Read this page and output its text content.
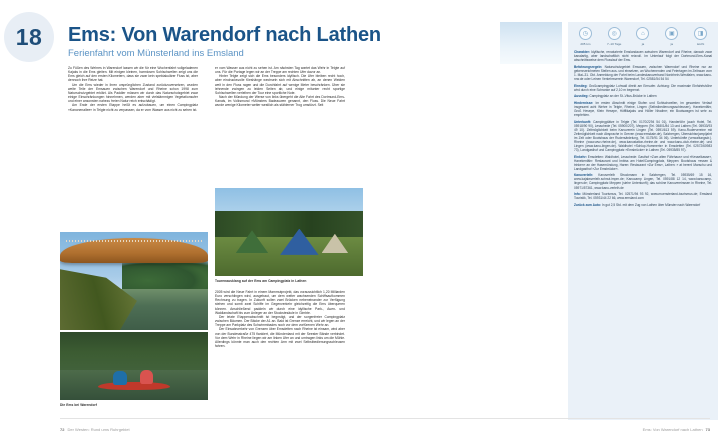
18 Ems: Von Warendorf nach Lathen
Ferienfahrt vom Münsterland ins Emsland

Zu Füßen des Wehres in Warendorf lassen wir die für eine Wochenfahrt vollgeladenen Kajaks in die Ems gleiten. Mit einigen kleinen, harmlosen Sohlschwellen zeigt uns die Ems gleich auf den ersten Kilometern, dass sie zwar kein spektakulärer Fluss ist, aber dennoch ihre Reize hat.

Um die Ems wieder in ihren ursprünglichen Zustand zurückzuversetzen, wurden weite Teile der Emsauen zwischen Warendorf und Rheine schon 1998 zum Naturschutzgebiet erklärt. Als Paddler müssen wir durch das Naturschutzgebiet zwar einige Einschränkungen hinnehmen, werden aber mit vielstämmigen Vegetationsufer und einer ansonsten nahezu freien Natur reich entschädigt.

Am Ende der ersten Etappe heißt es aufzubauen, um einen Campingplatz »Kanonenallee« in Telgte nicht zu verpassen, da er vom Wasser aus nicht zu sehen ist.

er vom Wasser aus nicht zu sehen ist. Am nächsten Tag wartet das Wehr in Telgte auf uns. Für die Portage legen wir an der Treppe am rechten Ufer davor an.

Hinter Telgte zeigt sich die Ems besonders idyllisch. Die Ufer bleiben recht hoch, aber eindrucksvolle Kieshänge wechseln sich mit Abschnitten ab, an denen Weiden weit in den Fluss ragen und die Durchfahrt auf wenige Meter beschränken. Über sie lehnende zwingen zu leiden Seiten ab, und einige mitunter recht sportige Sohlschwellen verleihen der Tour eine sportliche Note.

Nach der Mündung der Werse von links übergeht die Alte Fahrt des Dortmund-Ems-Kanals, im Volksmund »Münsters Badeauwen genannt, den Fluss. Die Neue Fahrt wurde wenige Kilometer weiter westlich als stählerner Trog umstürzt. Seit

2005 wird die Neue Fahrt in einem Mammutprojekt, das voraussichtlich 1,20 Milliarden Euro verschlingen wird, ausgebaut, um dem weiter wachsenden Schiffsaufkommen Rechnung zu tragen. In Zukunft sollen zwei Brücken nebeneinander zur Verfügung stehen und somit zwei Schiffe im Gegenverkehr gleichzeitig die Ems überqueren können. Anschließend paddeln wir durch eine idyllische Park-, Auen- und Waldlandschaft bis zum Anleger an der Stockstesäule in Gimbte.

Der letzte Etappenabschnitt ist begnstigt, und der sorgenfreier Campingplatz zwischen Bäumen. Der Bäcke der A1 an. Bald ist Grenze erreicht, und wir legen an der Treppe am Parkplatz des Schwimmbades noch vor dem vorfürenen Wehr an.

Der Einsatzverkehr von Grenzen über Emsdetten nach Rheine ist einsam, wird aber von der Bundesstraße 475 flankiert, die Mündenland mit der Seester Bände verbindet. Vor dem Wehr in Rheine liegen wir am linken Ufer an und umtragen links um die Mühle. Allerdings könnte man auch den rechten Arm mit zwei Selbstbedienungsschleusen fahren.

Die Ems bei Warendorf
Tourenausklang auf der Ems am Campingplatz in Lathen
◷
205 km
◎
7–10 Tage
⌂
ja
▣
ja
◨
leicht

Charakter: Idyllische, renaturierte Emslandauen zwischen Warendorf und Rheine, danach zwar kanalartig, aber landschaftlich nicht reizvoll. Im Unterlauf folgt der Dortmund-Ems-Kanal abschnittsweise dem Flusslauf der Ems.

Befahrungsregeln: Naturschutzgebiet Emsauen, zwischen Warendorf und Rheine nur an gekennzeichneten Stellen aus- und einsetzen, an Wochenenden und Feiertagen im Zeitraum vom 1. Mai–31. Okt. Anmeldung der Fahrt beim Landeskanuverband Nordrhein-Westfalen, www.kanu-nrw.de oder Leinen Verkehrsverein Warendorf, Tel. 02581/54 54 54

Einstieg: Großcampingplatz Lohwall direkt am Emsufer. Achtung: Die maximale Einfahrtshöhe wird durch eine Schranke auf 2,10 m begrenzt.

Ausstieg: Campingplatz an der St.-Vitus-Brücke in Lathen

Hindernisse: Im ersten Abschnitt einige Stufen und Sohlschwellen, im gesamten Verlauf insgesamt acht Wehre in Telgte, Rheine, Lingen (Selbstbedienungsschleusen), Hanekenfähr, Groß Hesepe, Klein Hesepe, Hüfflikajaks und Höller Nivaihre; ein Bootswagen ist sehr zu empfehlen.

Unterkunft: Campingplätze in Telgte (Tel. 0170/2294 54 01), Handerlöhr (auch Hotel, Tel. 05918/90 90), Lesschede (Tel. 05900/207), Meppen (Tel. 05801/84 13 und Lathen (Tel. 05933/93 49 10). Zeltmöglichkeit beim Kanuverein Lingen (Tel. 0591/613 59). Kanu-Rudervereine mit Zeltmöglichkeit nach Absprache in Greven (www.emskaie.de), Salzbergen, Übersichtsnjompijahrt im Zelt oder Bootshaus der Rudersärdelung, Tel. 0175/91 34 06). Unterkünfte (verwaltungsdr.). Rheine (www.wsv-rheine.de), www.kanustation-rheine.de und www.kanu-club-rheine.de) und Lingen (www.kanu-lingen.de). Waldhotel »Schlup-Hummerts« in Emsdetten (Tel. 02572/60983 73), Landgasthof und Campingplatz »Emsbrücke« in Lathen (Tel. 05935/85 97).

Einkehr: Emsdetten: Waldhotel, Lesschede: Gasthof »Zum alten Fährhaus« und »Kesselkasse«, Hanekenfähr: Restaurant und Imbiss am Hotel/Campingplatz, Meppen: Bootshaus »essen & trinken« an der Hasemündung, Haren: Restaurant »Zur Ems«, Lathen: » at heren! Marschu und Landgasthof »Zur Emsbrücke«.

Kanuverleih: Kanuverleih Struckmann in Salzbergen, Tel. 05935/69 15 16, www.kajaksverleih.schnut.imprn.de; Kanucamp Lingen, Tel. 0591/88 12 14, www.kanucamp-lingen.de; Campingplatz Meppen (siehe Unterkunft); das schöne Kanuvereinssen in Rheine, Tel. 05971/57361, www.kanu-verleih.de

Info: Münsterland Tourismus, Tel. 02571/94 93 92, www.muensterland-tourismus.de; Emsland Touristik, Tel. 05931/44 22 66, www.emsland.com

Zurück zum Auto: In gut 2,5 Std. mit dem Zug von Lathen über Münster nach Warendorf

72 Der Westen: Rund ums Ruhrgebiet	Ems: Von Warendorf nach Lathen 73
